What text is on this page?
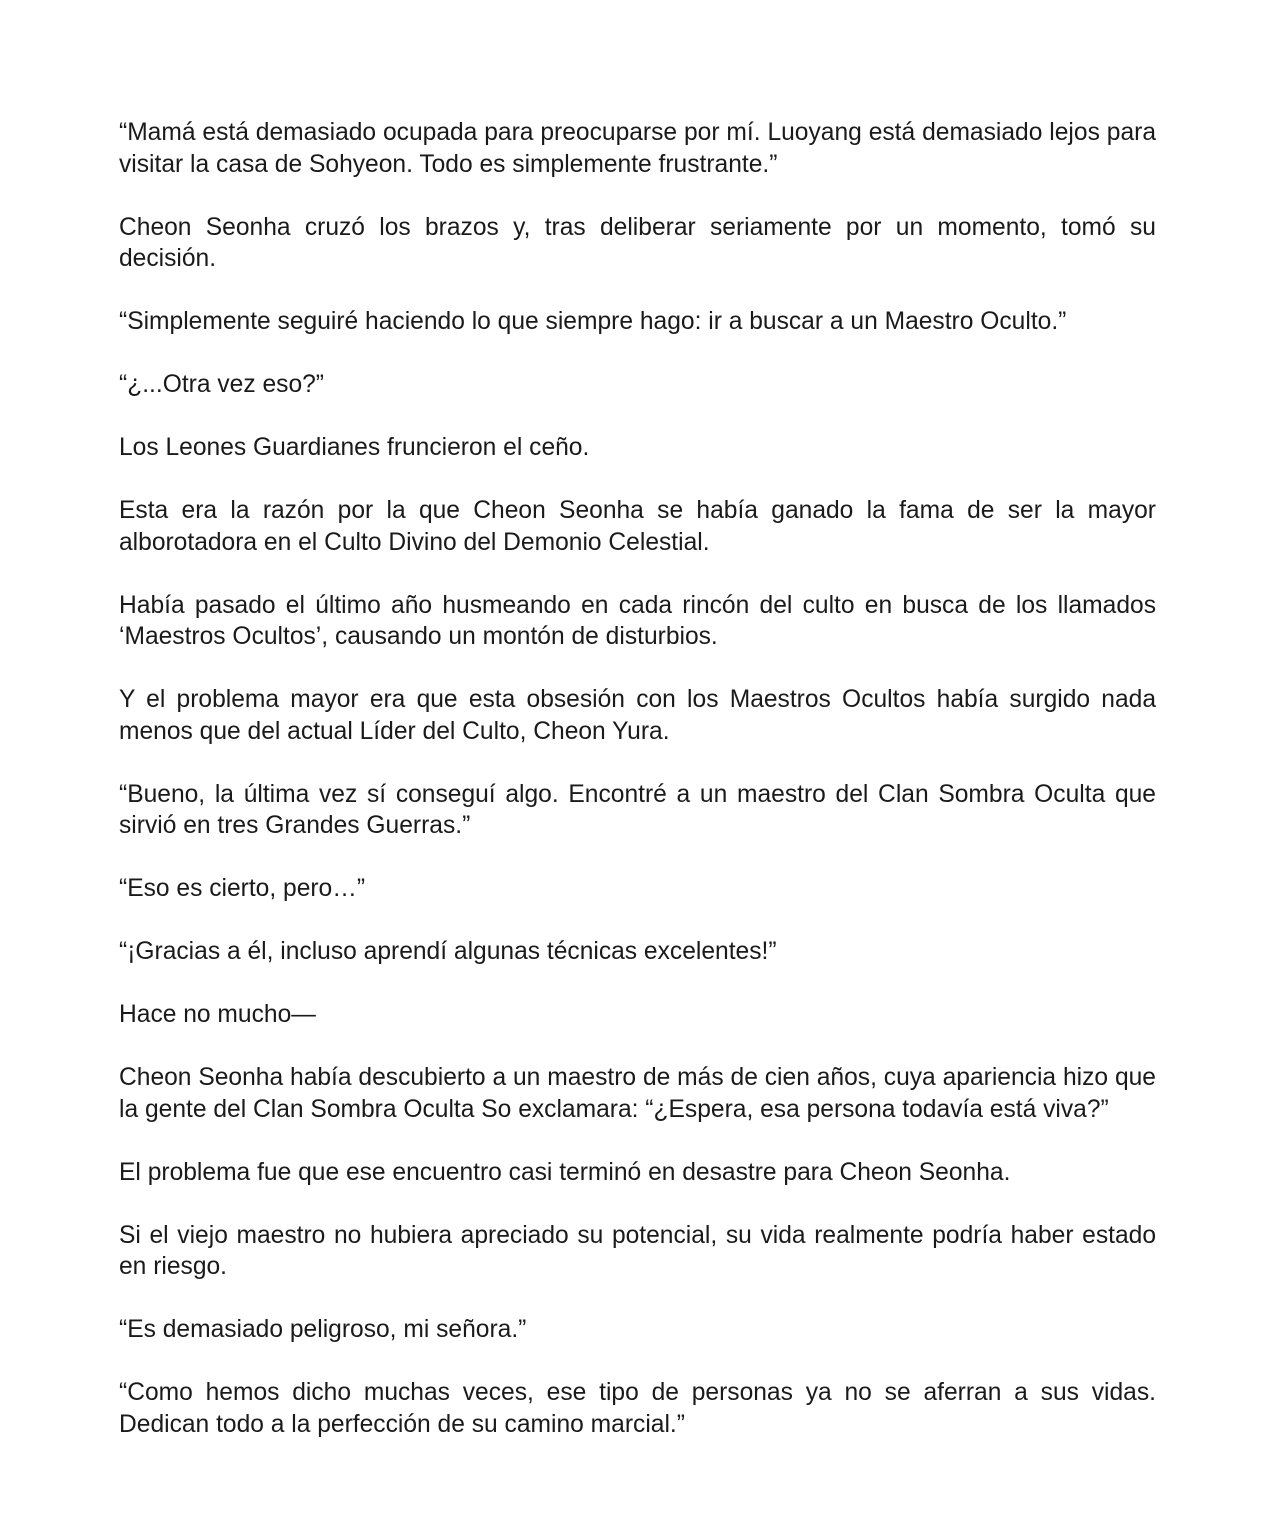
“Mamá está demasiado ocupada para preocuparse por mí. Luoyang está demasiado lejos para visitar la casa de Sohyeon. Todo es simplemente frustrante.”

Cheon Seonha cruzó los brazos y, tras deliberar seriamente por un momento, tomó su decisión.

“Simplemente seguiré haciendo lo que siempre hago: ir a buscar a un Maestro Oculto.”

“¿...Otra vez eso?”

Los Leones Guardianes fruncieron el ceño.

Esta era la razón por la que Cheon Seonha se había ganado la fama de ser la mayor alborotadora en el Culto Divino del Demonio Celestial.

Había pasado el último año husmeando en cada rincón del culto en busca de los llamados ‘Maestros Ocultos’, causando un montón de disturbios.

Y el problema mayor era que esta obsesión con los Maestros Ocultos había surgido nada menos que del actual Líder del Culto, Cheon Yura.

“Bueno, la última vez sí conseguí algo. Encontré a un maestro del Clan Sombra Oculta que sirvió en tres Grandes Guerras.”

“Eso es cierto, pero…”

“¡Gracias a él, incluso aprendí algunas técnicas excelentes!”

Hace no mucho—

Cheon Seonha había descubierto a un maestro de más de cien años, cuya apariencia hizo que la gente del Clan Sombra Oculta So exclamara: “¿Espera, esa persona todavía está viva?”

El problema fue que ese encuentro casi terminó en desastre para Cheon Seonha.

Si el viejo maestro no hubiera apreciado su potencial, su vida realmente podría haber estado en riesgo.

“Es demasiado peligroso, mi señora.”

“Como hemos dicho muchas veces, ese tipo de personas ya no se aferran a sus vidas. Dedican todo a la perfección de su camino marcial.”
